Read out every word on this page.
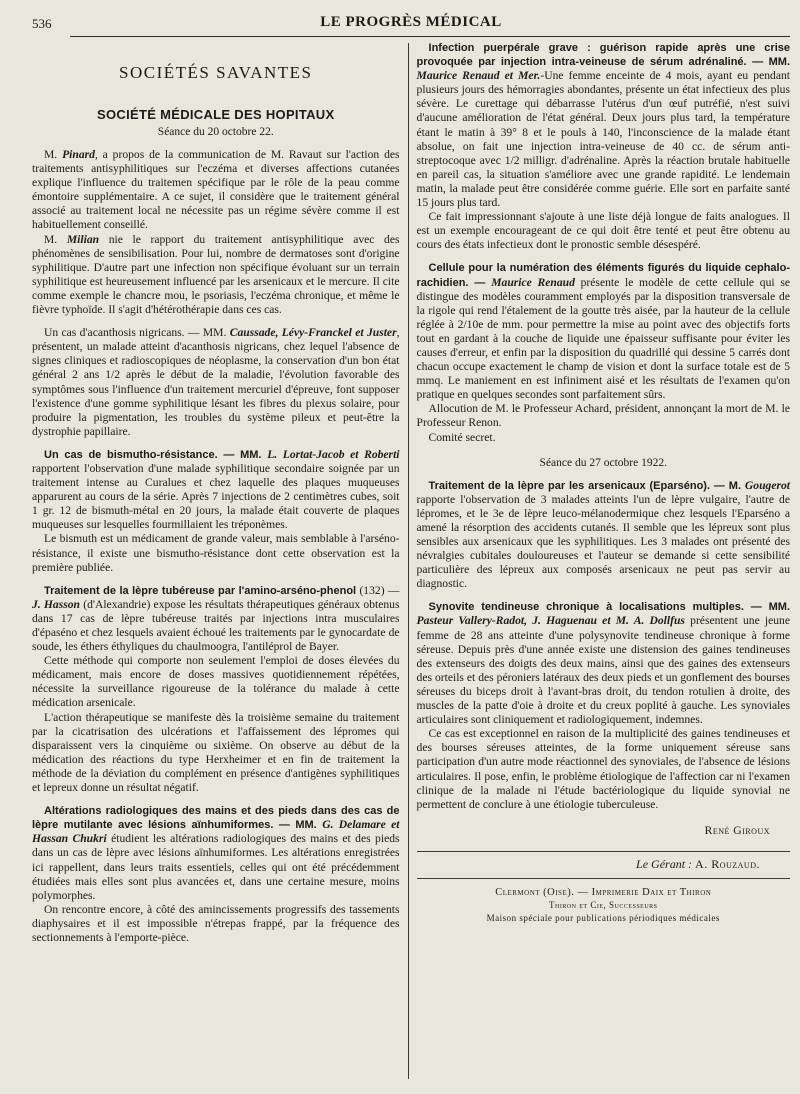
536	LE PROGRÈS MÉDICAL
SOCIÉTÉS SAVANTES
SOCIÉTÉ MÉDICALE DES HOPITAUX
Séance du 20 octobre 22.

M. Pinard, a propos de la communication de M. Ravaut sur l'action des traitements antisyphilitiques sur l'eczéma et diverses affections cutanées explique l'influence du traitemen spécifique par le rôle de la peau comme émontoire supplémentaire. A ce sujet, il considère que le traitement général associé au traitement local ne nécessite pas un régime sévère comme il est habituellement conseillé.

M. Milian nie le rapport du traitement antisyphilitique avec des phénomènes de sensibilisation. Pour lui, nombre de dermatoses sont d'origine syphilitique. D'autre part une infection non spécifique évoluant sur un terrain syphilitique est heureusement influencé par les arsenicaux et le mercure. Il cite comme exemple le chancre mou, le psoriasis, l'eczéma chronique, et même le fièvre typhoïde. Il s'agit d'hétérothérapie dans ces cas.

Un cas d'acanthosis nigricans. — MM. Caussade, Lévy-Franckel et Juster, présentent, un malade atteint d'acanthosis nigricans, chez lequel l'absence de signes cliniques et radioscopiques de néoplasme, la conservation d'un bon état général 2 ans 1/2 après le début de la maladie, l'évolution favorable des symptômes sous l'influence d'un traitement mercuriel d'épreuve, font supposer l'existence d'une gomme syphilitique lésant les fibres du plexus solaire, pour produire la pigmentation, les troubles du système pileux et peut-être la dystrophie papillaire.

Un cas de bismutho-résistance. — MM. L. Lortat-Jacob et Roberti rapportent l'observation d'une malade syphilitique secondaire soignée par un traitement intense au Curalues et chez laquelle des plaques muqueuses apparurent au cours de la série. Après 7 injections de 2 centimètres cubes, soit 1 gr. 12 de bismuth-métal en 20 jours, la malade était couverte de plaques muqueuses sur lesquelles fourmillaient les tréponèmes.

Le bismuth est un médicament de grande valeur, mais semblable à l'arséno-résistance, il existe une bismutho-résistance dont cette observation est la première publiée.

Traitement de la lèpre tubéreuse par l'amino-arséno-phenol (132) — J. Hasson (d'Alexandrie) expose les résultats thérapeutiques généraux obtenus dans 17 cas de lèpre tubéreuse traités par injections intra musculaires d'épaséno et chez lesquels avaient échoué les traitements par le gynocardate de soude, les éthers éthyliques du chaulmoogra, l'antiléprol de Bayer.

Cette méthode qui comporte non seulement l'emploi de doses élevées du médicament, mais encore de doses massives quotidiennement répétées, nécessite la surveillance rigoureuse de la tolérance du malade à cette médication arsenicale.

L'action thérapeutique se manifeste dès la troisième semaine du traitement par la cicatrisation des ulcérations et l'affaissement des lépromes qui disparaissent vers la cinquième ou sixième. On observe au début de la médication des réactions du type Herxheimer et en fin de traitement la méthode de la déviation du complément en présence d'antigènes syphilitiques et lepreux donne un résultat négatif.

Altérations radiologiques des mains et des pieds dans des cas de lèpre mutilante avec lésions aïnhumiformes. — MM. G. Delamare et Hassan Chukri étudient les altérations radiologiques des mains et des pieds dans un cas de lèpre avec lésions aïnhumiformes. Les altérations enregistrées ici rappellent, dans leurs traits essentiels, celles qui ont été précédemment étudiées mais elles sont plus avancées et, dans une certaine mesure, moins polymorphes.

On rencontre encore, à côté des amincissements progressifs des tassements diaphysaires et il est impossible n'étrepas frappé, par la fréquence des sectionnements à l'emporte-pièce.

Infection puerpérale grave : guérison rapide après une crise provoquée par injection intra-veineuse de sérum adrénaliné. — MM. Maurice Renaud et Mer.-Une femme enceinte de 4 mois, ayant eu pendant plusieurs jours des hémorragies abondantes, présente un état infectieux des plus sévère. Le curettage qui débarrasse l'utérus d'un œuf putréfié, n'est suivi d'aucune amélioration de l'état général. Deux jours plus tard, la température étant le matin à 39° 8 et le pouls à 140, l'inconscience de la malade étant absolue, on fait une injection intra-veineuse de 40 cc. de sérum anti-streptocoque avec 1/2 milligr. d'adrénaline. Après la réaction brutale habituelle en pareil cas, la situation s'améliore avec une grande rapidité. Le lendemain matin, la malade peut être considérée comme guérie. Elle sort en parfaite santé 15 jours plus tard.

Ce fait impressionnant s'ajoute à une liste déjà longue de faits analogues. Il est un exemple encourageant de ce qui doit être tenté et peut être obtenu au cours des états infectieux dont le pronostic semble désespéré.

Cellule pour la numération des éléments figurés du liquide cephalo-rachidien. — Maurice Renaud présente le modèle de cette cellule qui se distingue des modèles couramment employés par la disposition transversale de la rigole qui rend l'étalement de la goutte très aisée, par la hauteur de la cellule réglée à 2/10e de mm. pour permettre la mise au point avec des objectifs forts tout en gardant à la couche de liquide une épaisseur suffisante pour éviter les causes d'erreur, et enfin par la disposition du quadrillé qui dessine 5 carrés dont chacun occupe exactement le champ de vision et dont la surface totale est de 5 mmq. Le maniement en est infiniment aisé et les résultats de l'examen qu'on pratique en quelques secondes sont parfaitement sûrs.

Allocution de M. le Professeur Achard, président, annonçant la mort de M. le Professeur Renon.

Comité secret.

Séance du 27 octobre 1922.

Traitement de la lèpre par les arsenicaux (Eparséno). — M. Gougerot rapporte l'observation de 3 malades atteints l'un de lèpre vulgaire, l'autre de lépromes, et le 3e de lèpre leuco-mélanodermique chez lesquels l'Eparséno a amené la résorption des accidents cutanés. Il semble que les lépreux sont plus sensibles aux arsenicaux que les syphilitiques. Les 3 malades ont présenté des névralgies cubitales douloureuses et l'auteur se demande si cette sensibilité particulière des lépreux aux composés arsenicaux ne peut pas servir au diagnostic.

Synovite tendineuse chronique à localisations multiples. — MM. Pasteur Vallery-Radot, J. Haguenau et M. A. Dollfus présentent une jeune femme de 28 ans atteinte d'une polysynovite tendineuse chronique à forme séreuse. Depuis près d'une année existe une distension des gaines tendineuses des extenseurs des doigts des deux mains, ainsi que des gaines des extenseurs des orteils et des péroniers latéraux des deux pieds et un gonflement des bourses séreuses du biceps droit à l'avant-bras droit, du tendon rotulien à droite, des muscles de la patte d'oie à droite et du creux poplité à gauche. Les synoviales articulaires sont cliniquement et radiologiquement, indemnes.

Ce cas est exceptionnel en raison de la multiplicité des gaines tendineuses et des bourses séreuses atteintes, de la forme uniquement séreuse sans participation d'un autre mode réactionnel des synoviales, de l'absence de lésions articulaires. Il pose, enfin, le problème étiologique de l'affection car ni l'examen clinique de la malade ni l'étude bactériologique du liquide synovial ne permettent de conclure à une étiologie tuberculeuse.

René Giroux
Le Gérant : A. Rouzaud.
Clermont (Oise). — Imprimerie Daix et Thiron
Thiron et Cie, Successeurs
Maison spéciale pour publications périodiques médicales
